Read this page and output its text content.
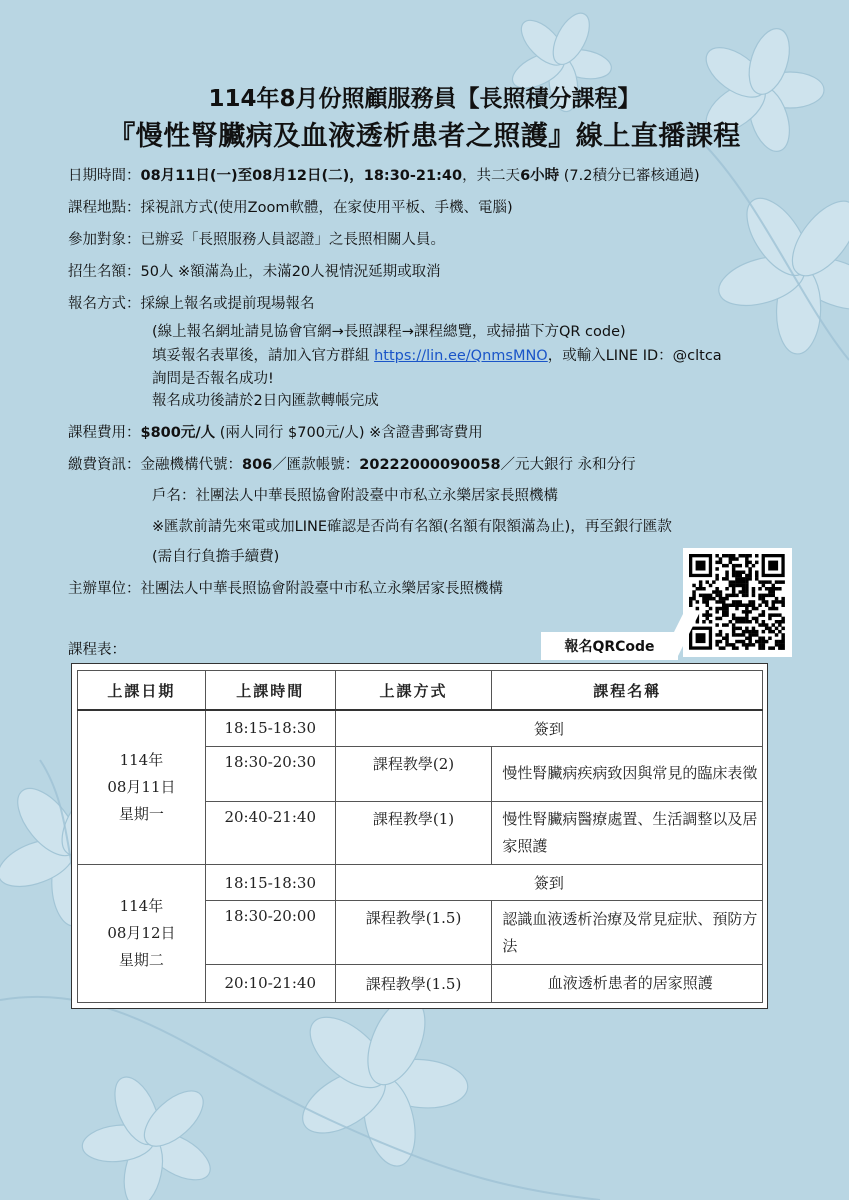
114年8月份照顧服務員【長照積分課程】
『慢性腎臟病及血液透析患者之照護』線上直播課程
日期時間：08月11日(一)至08月12日(二)，18:30-21:40，共二天6小時 (7.2積分已審核通過)
課程地點：採視訊方式(使用Zoom軟體，在家使用平板、手機、電腦)
參加對象：已辦妥「長照服務人員認證」之長照相關人員。
招生名額：50人 ※額滿為止，未滿20人視情況延期或取消
報名方式：採線上報名或提前現場報名
(線上報名網址請見協會官網→長照課程→課程總覽，或掃描下方QR code)
填妥報名表單後，請加入官方群組 https://lin.ee/QnmsMNO，或輸入LINE ID：@cltca
詢問是否報名成功!
報名成功後請於2日內匯款轉帳完成
課程費用：$800元/人 (兩人同行 $700元/人) ※含證書郵寄費用
繳費資訊：金融機構代號：806／匯款帳號：20222000090058／元大銀行 永和分行
戶名：社團法人中華長照協會附設臺中市私立永樂居家長照機構
※匯款前請先來電或加LINE確認是否尚有名額(名額有限額滿為止)，再至銀行匯款
(需自行負擔手續費)
主辦單位：社團法人中華長照協會附設臺中市私立永樂居家長照機構
報名QRCode
課程表：
上課日期	上課時間	上課方式	課程名稱

114年
08月11日
星期一	18:15-18:30	簽到	
	18:30-20:30	課程教學(2)	慢性腎臟病疾病致因與常見的臨床表徵
	20:40-21:40	課程教學(1)	慢性腎臟病醫療處置、生活調整以及居家照護

114年
08月12日
星期二	18:15-18:30	簽到	
	18:30-20:00	課程教學(1.5)	認識血液透析治療及常見症狀、預防方法
	20:10-21:40	課程教學(1.5)	血液透析患者的居家照護
